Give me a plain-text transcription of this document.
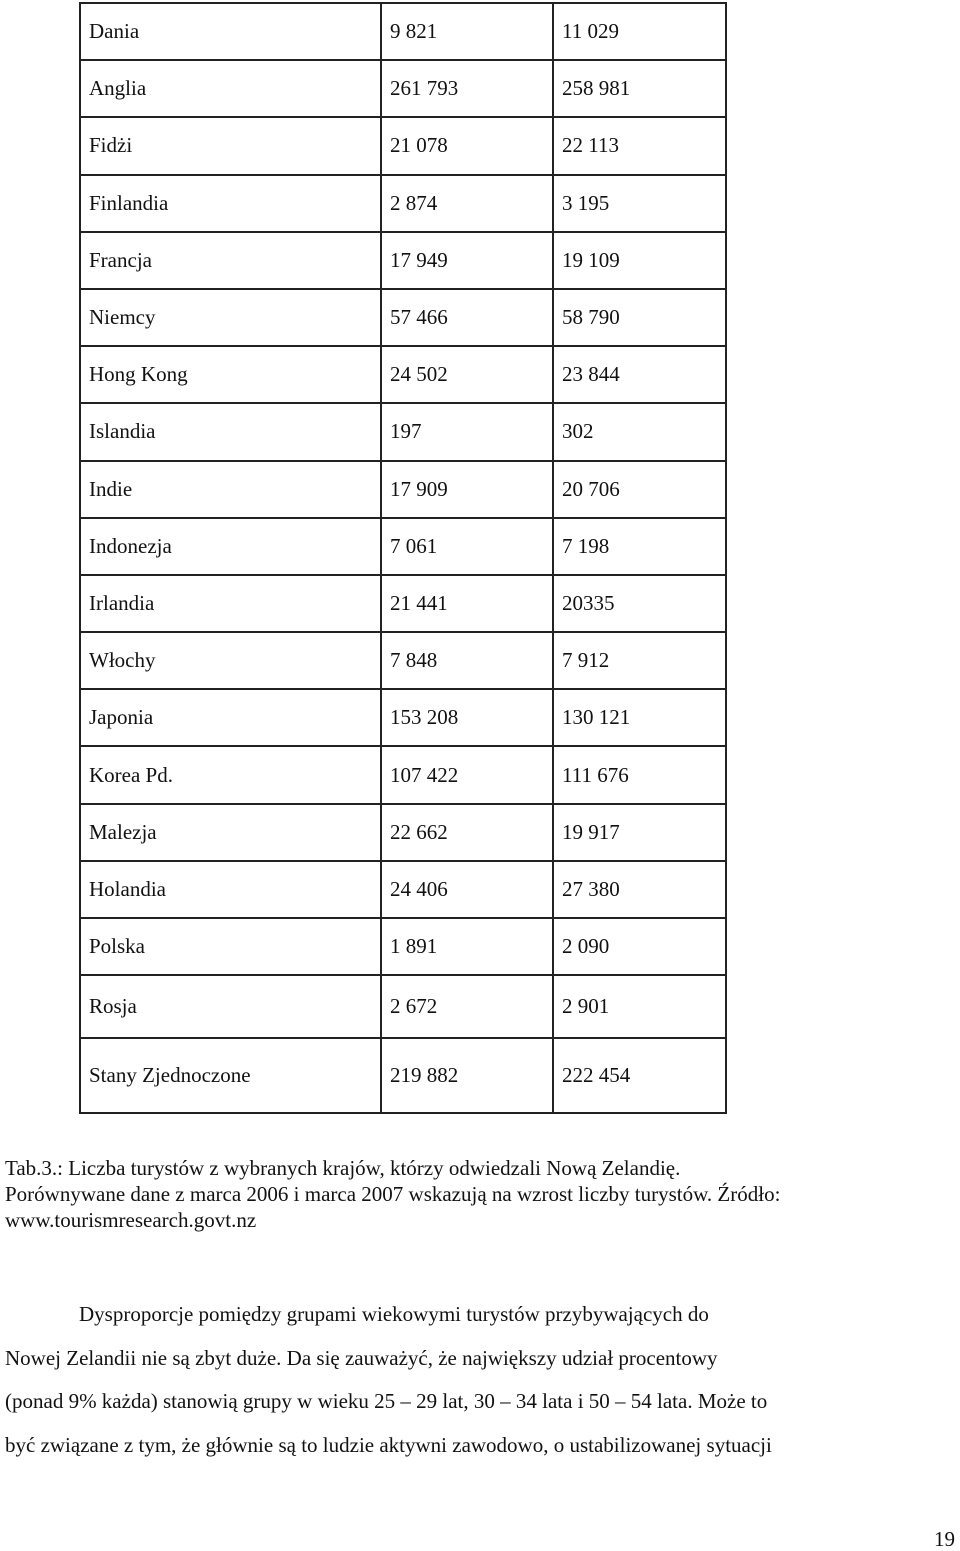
Dania	9 821	11 029
Anglia	261 793	258 981
Fidżi	21 078	22 113
Finlandia	2 874	3 195
Francja	17 949	19 109
Niemcy	57 466	58 790
Hong Kong	24 502	23 844
Islandia	197	302
Indie	17 909	20 706
Indonezja	7 061	7 198
Irlandia	21 441	20335
Włochy	7 848	7 912
Japonia	153 208	130 121
Korea Pd.	107 422	111 676
Malezja	22 662	19 917
Holandia	24 406	27 380
Polska	1 891	2 090
Rosja	2 672	2 901
Stany Zjednoczone	219 882	222 454
Tab.3.: Liczba turystów z wybranych krajów, którzy odwiedzali Nową Zelandię.
Porównywane dane z marca 2006 i marca 2007 wskazują na wzrost liczby turystów. Źródło:
www.tourismresearch.govt.nz

Dysproporcje pomiędzy grupami wiekowymi turystów przybywających do

Nowej Zelandii nie są zbyt duże. Da się zauważyć, że największy udział procentowy
(ponad 9% każda) stanowią grupy w wieku 25 – 29 lat, 30 – 34 lata i 50 – 54 lata. Może to
być związane z tym, że głównie są to ludzie aktywni zawodowo, o ustabilizowanej sytuacji
19
